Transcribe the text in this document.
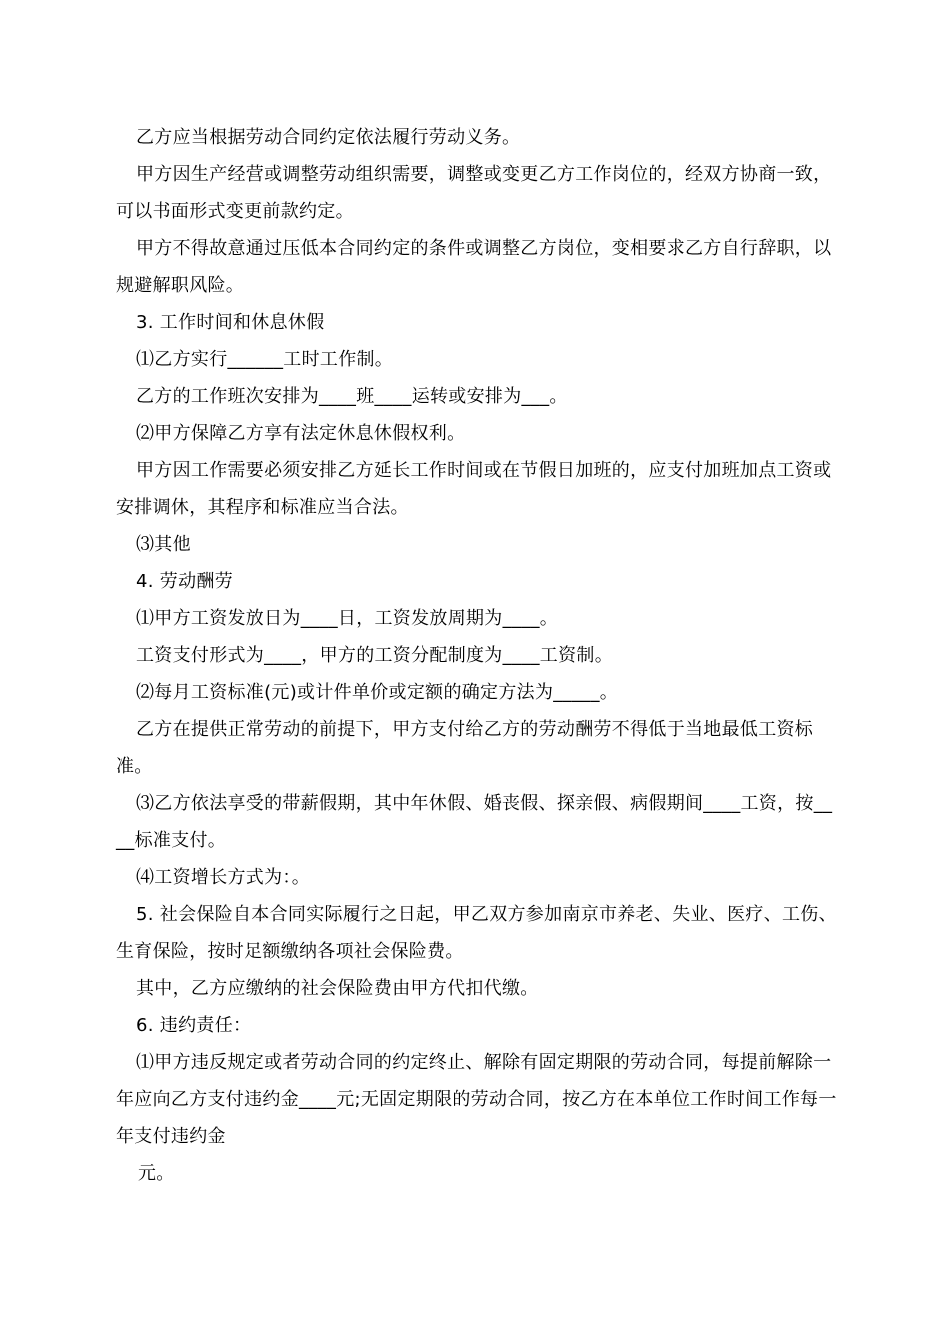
乙方应当根据劳动合同约定依法履行劳动义务。

甲方因生产经营或调整劳动组织需要，调整或变更乙方工作岗位的，经双方协商一致，可以书面形式变更前款约定。

甲方不得故意通过压低本合同约定的条件或调整乙方岗位，变相要求乙方自行辞职，以规避解职风险。

3. 工作时间和休息休假

⑴乙方实行______工时工作制。

乙方的工作班次安排为____班____运转或安排为___。

⑵甲方保障乙方享有法定休息休假权利。

甲方因工作需要必须安排乙方延长工作时间或在节假日加班的，应支付加班加点工资或安排调休，其程序和标准应当合法。

⑶其他

4. 劳动酬劳

⑴甲方工资发放日为____日，工资发放周期为____。

工资支付形式为____，甲方的工资分配制度为____工资制。

⑵每月工资标准(元)或计件单价或定额的确定方法为_____。

乙方在提供正常劳动的前提下，甲方支付给乙方的劳动酬劳不得低于当地最低工资标准。

⑶乙方依法享受的带薪假期，其中年休假、婚丧假、探亲假、病假期间____工资，按____标准支付。

⑷工资增长方式为：。

5. 社会保险自本合同实际履行之日起，甲乙双方参加南京市养老、失业、医疗、工伤、生育保险，按时足额缴纳各项社会保险费。

其中，乙方应缴纳的社会保险费由甲方代扣代缴。

6. 违约责任：

⑴甲方违反规定或者劳动合同的约定终止、解除有固定期限的劳动合同，每提前解除一年应向乙方支付违约金____元;无固定期限的劳动合同，按乙方在本单位工作时间工作每一年支付违约金

元。
